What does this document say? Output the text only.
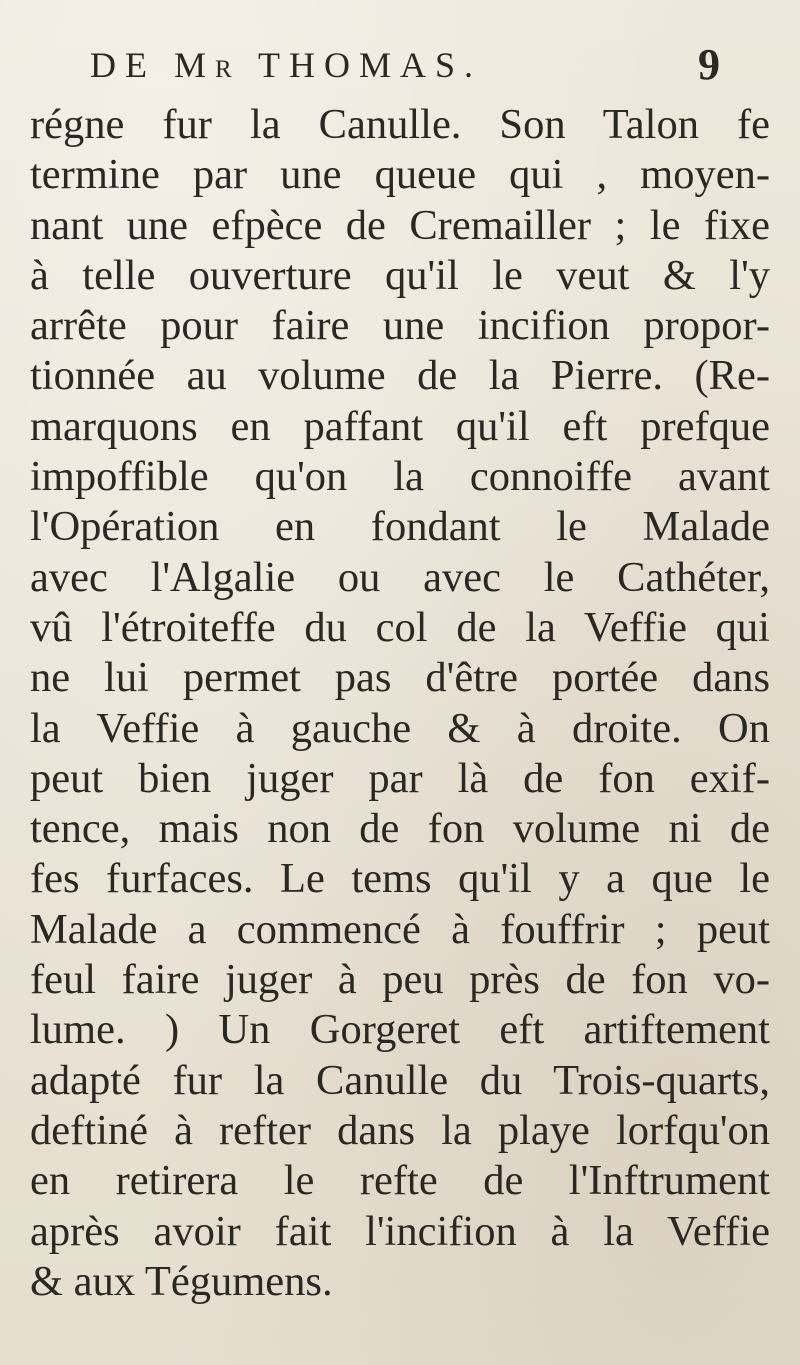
DE Mr THOMAS.	9
régne fur la Canulle. Son Talon fe
termine par une queue qui , moyen-
nant une efpèce de Cremailler ; le fixe
à telle ouverture qu'il le veut & l'y
arrête pour faire une incifion propor-
tionnée au volume de la Pierre. (Re-
marquons en paffant qu'il eft prefque
impoffible qu'on la connoiffe avant
l'Opération en fondant le Malade
avec l'Algalie ou avec le Cathéter,
vû l'étroiteffe du col de la Veffie qui
ne lui permet pas d'être portée dans
la Veffie à gauche & à droite. On
peut bien juger par là de fon exif-
tence, mais non de fon volume ni de
fes furfaces. Le tems qu'il y a que le
Malade a commencé à fouffrir ; peut
feul faire juger à peu près de fon vo-
lume. ) Un Gorgeret eft artiftement
adapté fur la Canulle du Trois-quarts,
deftiné à refter dans la playe lorfqu'on
en retirera le refte de l'Inftrument
après avoir fait l'incifion à la Veffie
& aux Tégumens.
